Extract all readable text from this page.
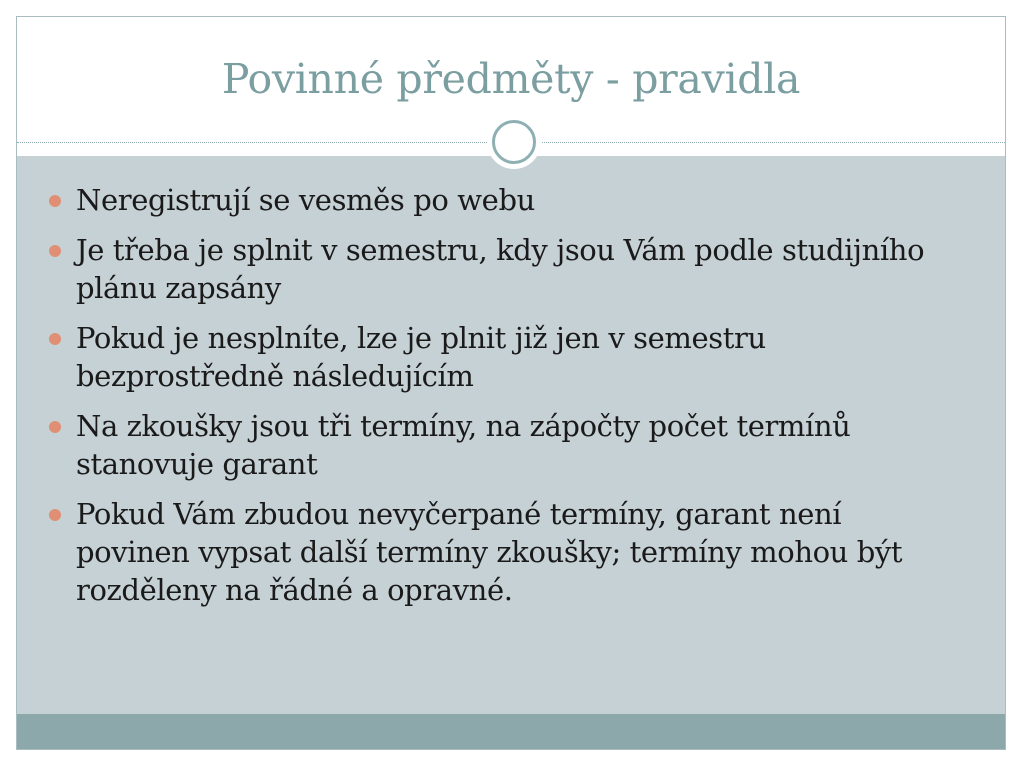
Povinné předměty - pravidla
Neregistrují se vesměs po webu
Je třeba je splnit v semestru, kdy jsou Vám podle studijního plánu zapsány
Pokud je nesplníte, lze je plnit již jen v semestru bezprostředně následujícím
Na zkoušky jsou tři termíny, na zápočty počet termínů stanovuje garant
Pokud Vám zbudou nevyčerpané termíny, garant není povinen vypsat další termíny zkoušky; termíny mohou být rozděleny na řádné a opravné.
